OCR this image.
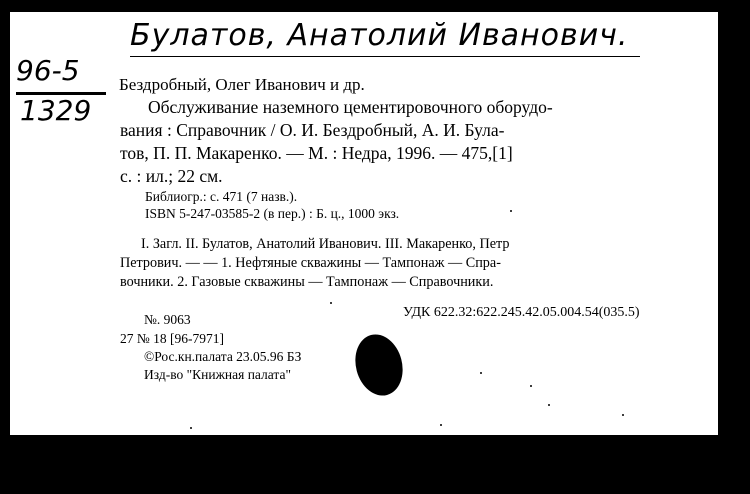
Булатов, Анатолий Иванович.
96-5
1329
Бездробный, Олег Иванович и др.
Обслуживание наземного цементировочного оборудо-
вания : Справочник / О. И. Бездробный, А. И. Була-
тов, П. П. Макаренко. — М. : Недра, 1996. — 475,[1]
с. : ил.; 22 см.
Библиогр.: с. 471 (7 назв.).
ISBN 5-247-03585-2 (в пер.) : Б. ц., 1000 экз.
I. Загл. II. Булатов, Анатолий Иванович. III. Макаренко, Петр
Петрович. — — 1. Нефтяные скважины — Тампонаж — Спра-
вочники. 2. Газовые скважины — Тампонаж — Справочники.
№. 9063	УДК 622.32:622.245.42.05.004.54(035.5)
27 № 18 [96-7971]
©Рос.кн.палата 23.05.96 БЗ
Изд-во "Книжная палата"
